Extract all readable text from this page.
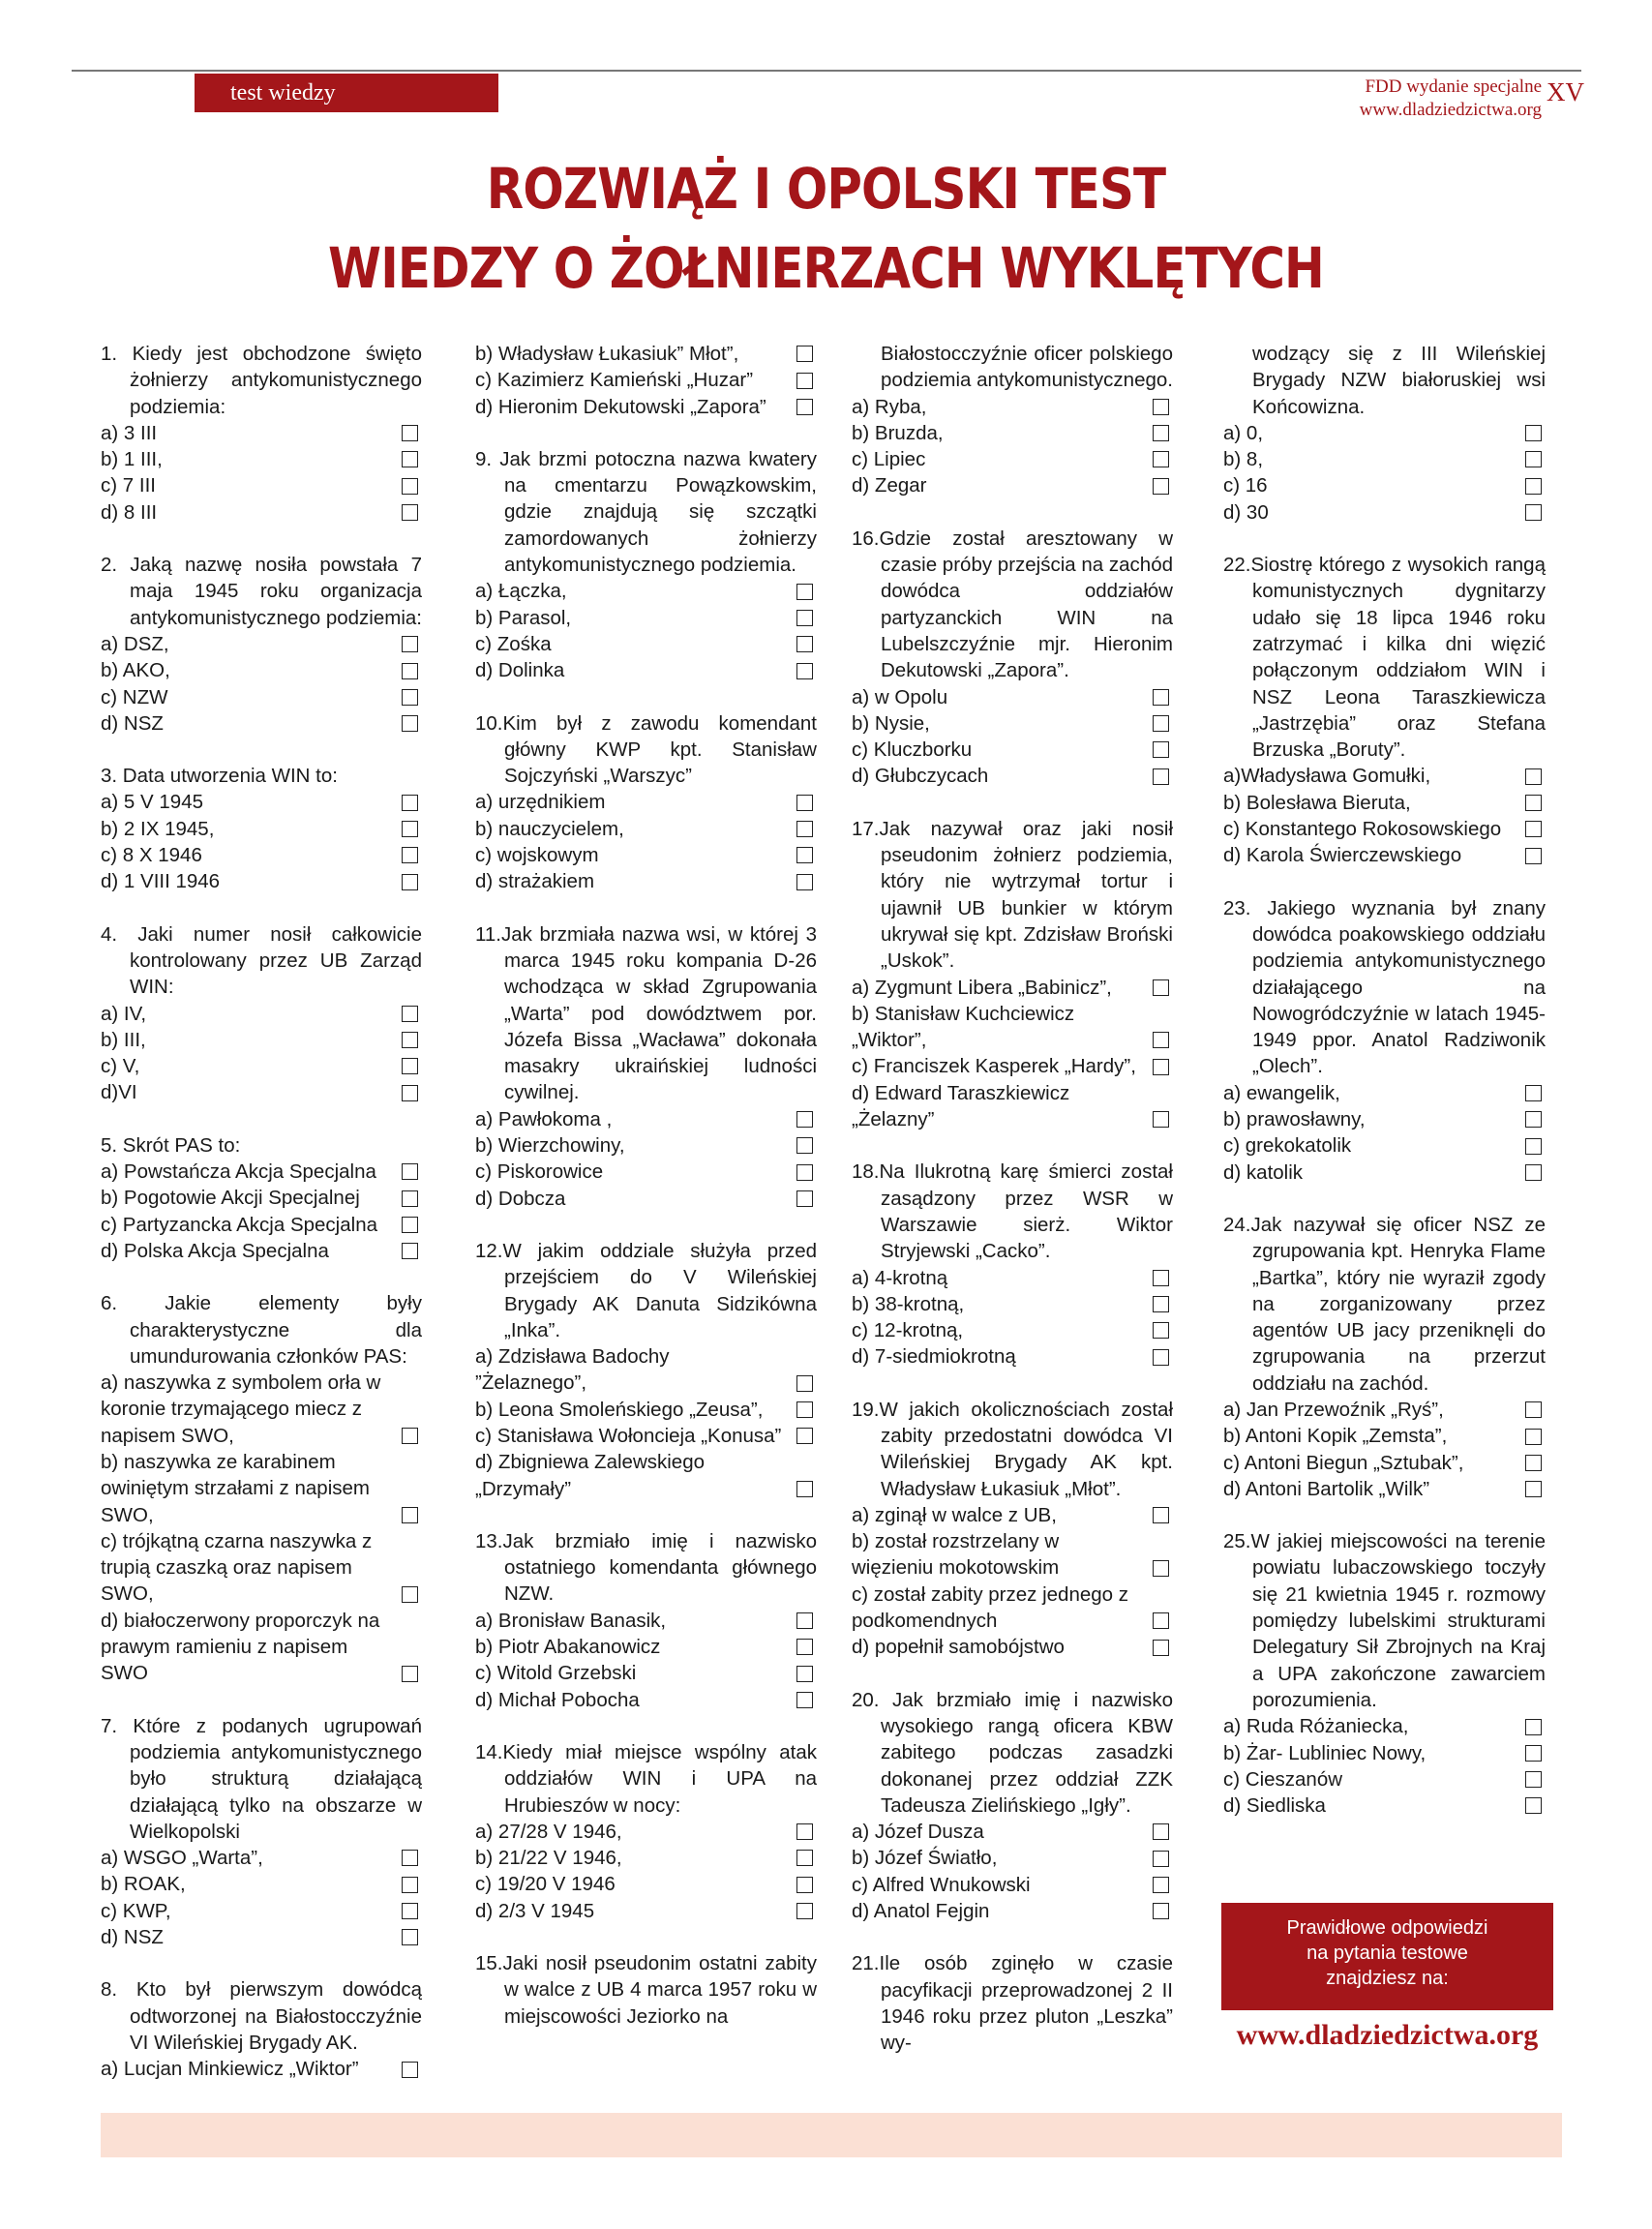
test wiedzy	FDD wydanie specjalne
www.dladziedzictwa.org
XV
ROZWIĄŻ I OPOLSKI TEST
WIEDZY O ŻOŁNIERZACH WYKLĘTYCH
1. Kiedy jest obchodzone święto żołnierzy antykomunistycznego podziemia:
a) 3 III
b) 1 III,
c) 7 III
d) 8 III
2. Jaką nazwę nosiła powstała 7 maja 1945 roku organizacja antykomunistycznego podziemia:
a) DSZ,
b) AKO,
c) NZW
d) NSZ
3. Data utworzenia WIN to:
a) 5 V 1945
b) 2 IX 1945,
c) 8 X 1946
d) 1 VIII 1946
4. Jaki numer nosił całkowicie kontrolowany przez UB Zarząd WIN:
a) IV,
b) III,
c) V,
d)VI
5. Skrót PAS to:
a) Powstańcza Akcja Specjalna
b) Pogotowie Akcji Specjalnej
c) Partyzancka Akcja Specjalna
d) Polska Akcja Specjalna
6. Jakie elementy były charakterystyczne dla umundurowania członków PAS:
a) naszywka z symbolem orła w koronie trzymającego miecz z napisem SWO,
b) naszywka ze karabinem owiniętym strzałami z napisem SWO,
c) trójkątną czarna naszywka z trupią czaszką oraz napisem SWO,
d) białoczerwony proporczyk na prawym ramieniu z napisem SWO
7. Które z podanych ugrupowań podziemia antykomunistycznego było strukturą działającą działającą tylko na obszarze w Wielkopolski
a) WSGO „Warta”,
b) ROAK,
c) KWP,
d) NSZ
8. Kto był pierwszym dowódcą odtworzonej na Białostocczyźnie VI Wileńskiej Brygady AK.
a) Lucjan Minkiewicz „Wiktor”
b) Władysław Łukasiuk” Młot”,
c) Kazimierz Kamieński „Huzar”
d) Hieronim Dekutowski „Zapora”
9. Jak brzmi potoczna nazwa kwatery na cmentarzu Powązkowskim, gdzie znajdują się szczątki zamordowanych żołnierzy antykomunistycznego podziemia.
a) Łączka,
b) Parasol,
c) Zośka
d) Dolinka
10.Kim był z zawodu komendant główny KWP kpt. Stanisław Sojczyński „Warszyc”
a) urzędnikiem
b) nauczycielem,
c) wojskowym
d) strażakiem
11.Jak brzmiała nazwa wsi, w której 3 marca 1945 roku kompania D-26 wchodząca w skład Zgrupowania „Warta” pod dowództwem por. Józefa Bissa „Wacława” dokonała masakry ukraińskiej ludności cywilnej.
a) Pawłokoma ,
b) Wierzchowiny,
c) Piskorowice
d) Dobcza
12.W jakim oddziale służyła przed przejściem do V Wileńskiej Brygady AK Danuta Sidzikówna „Inka”.
a) Zdzisława Badochy ”Żelaznego”,
b) Leona Smoleńskiego „Zeusa”,
c) Stanisława Wołoncieja „Konusa”
d) Zbigniewa Zalewskiego „Drzymały”
13.Jak brzmiało imię i nazwisko ostatniego komendanta głównego NZW.
a) Bronisław Banasik,
b) Piotr Abakanowicz
c) Witold Grzebski
d) Michał Pobocha
14.Kiedy miał miejsce wspólny atak oddziałów WIN i UPA na Hrubieszów w nocy:
a) 27/28 V 1946,
b) 21/22 V 1946,
c) 19/20 V 1946
d) 2/3 V 1945
15.Jaki nosił pseudonim ostatni zabity w walce z UB 4 marca 1957 roku w miejscowości Jeziorko na
Białostocczyźnie oficer polskiego podziemia antykomunistycznego.
a) Ryba,
b) Bruzda,
c) Lipiec
d) Zegar
16.Gdzie został aresztowany w czasie próby przejścia na zachód dowódca oddziałów partyzanckich WIN na Lubelszczyźnie mjr. Hieronim Dekutowski „Zapora”.
a) w Opolu
b) Nysie,
c) Kluczborku
d) Głubczycach
17.Jak nazywał oraz jaki nosił pseudonim żołnierz podziemia, który nie wytrzymał tortur i ujawnił UB bunkier w którym ukrywał się kpt. Zdzisław Broński „Uskok”.
a) Zygmunt Libera „Babinicz”,
b) Stanisław Kuchciewicz „Wiktor”,
c) Franciszek Kasperek „Hardy”,
d) Edward Taraszkiewicz „Żelazny”
18.Na Ilukrotną karę śmierci został zasądzony przez WSR w Warszawie sierż. Wiktor Stryjewski „Cacko”.
a) 4-krotną
b) 38-krotną,
c) 12-krotną,
d) 7-siedmiokrotną
19.W jakich okolicznościach został zabity przedostatni dowódca VI Wileńskiej Brygady AK kpt. Władysław Łukasiuk „Młot”.
a) zginął w walce z UB,
b) został rozstrzelany w więzieniu mokotowskim
c) został zabity przez jednego z podkomendnych
d) popełnił samobójstwo
20. Jak brzmiało imię i nazwisko wysokiego rangą oficera KBW zabitego podczas zasadzki dokonanej przez oddział ZZK Tadeusza Zielińskiego „Igły”.
a) Józef Dusza
b) Józef Światło,
c) Alfred Wnukowski
d) Anatol Fejgin
21.Ile osób zginęło w czasie pacyfikacji przeprowadzonej 2 II 1946 roku przez pluton „Leszka” wy-
wodzący się z III Wileńskiej Brygady NZW białoruskiej wsi Końcowizna.
a) 0,
b) 8,
c) 16
d) 30
22.Siostrę którego z wysokich rangą komunistycznych dygnitarzy udało się 18 lipca 1946 roku zatrzymać i kilka dni więzić połączonym oddziałom WIN i NSZ Leona Taraszkiewicza „Jastrzębia” oraz Stefana Brzuska „Boruty”.
a)Władysława Gomułki,
b) Bolesława Bieruta,
c) Konstantego Rokosowskiego
d) Karola Świerczewskiego
23. Jakiego wyznania był znany dowódca poakowskiego oddziału podziemia antykomunistycznego działającego na Nowogródczyźnie w latach 1945-1949 ppor. Anatol Radziwonik „Olech”.
a) ewangelik,
b) prawosławny,
c) grekokatolik
d) katolik
24.Jak nazywał się oficer NSZ ze zgrupowania kpt. Henryka Flame „Bartka”, który nie wyraził zgody na zorganizowany przez agentów UB jacy przeniknęli do zgrupowania na przerzut oddziału na zachód.
a) Jan Przewoźnik „Ryś”,
b) Antoni Kopik „Zemsta”,
c) Antoni Biegun „Sztubak”,
d) Antoni Bartolik „Wilk”
25.W jakiej miejscowości na terenie powiatu lubaczowskiego toczyły się 21 kwietnia 1945 r. rozmowy pomiędzy lubelskimi strukturami Delegatury Sił Zbrojnych na Kraj a UPA zakończone zawarciem porozumienia.
a) Ruda Różaniecka,
b) Żar- Lubliniec Nowy,
c) Cieszanów
d) Siedliska
Prawidłowe odpowiedzi
na pytania testowe
znajdziesz na:
www.dladziedzictwa.org
